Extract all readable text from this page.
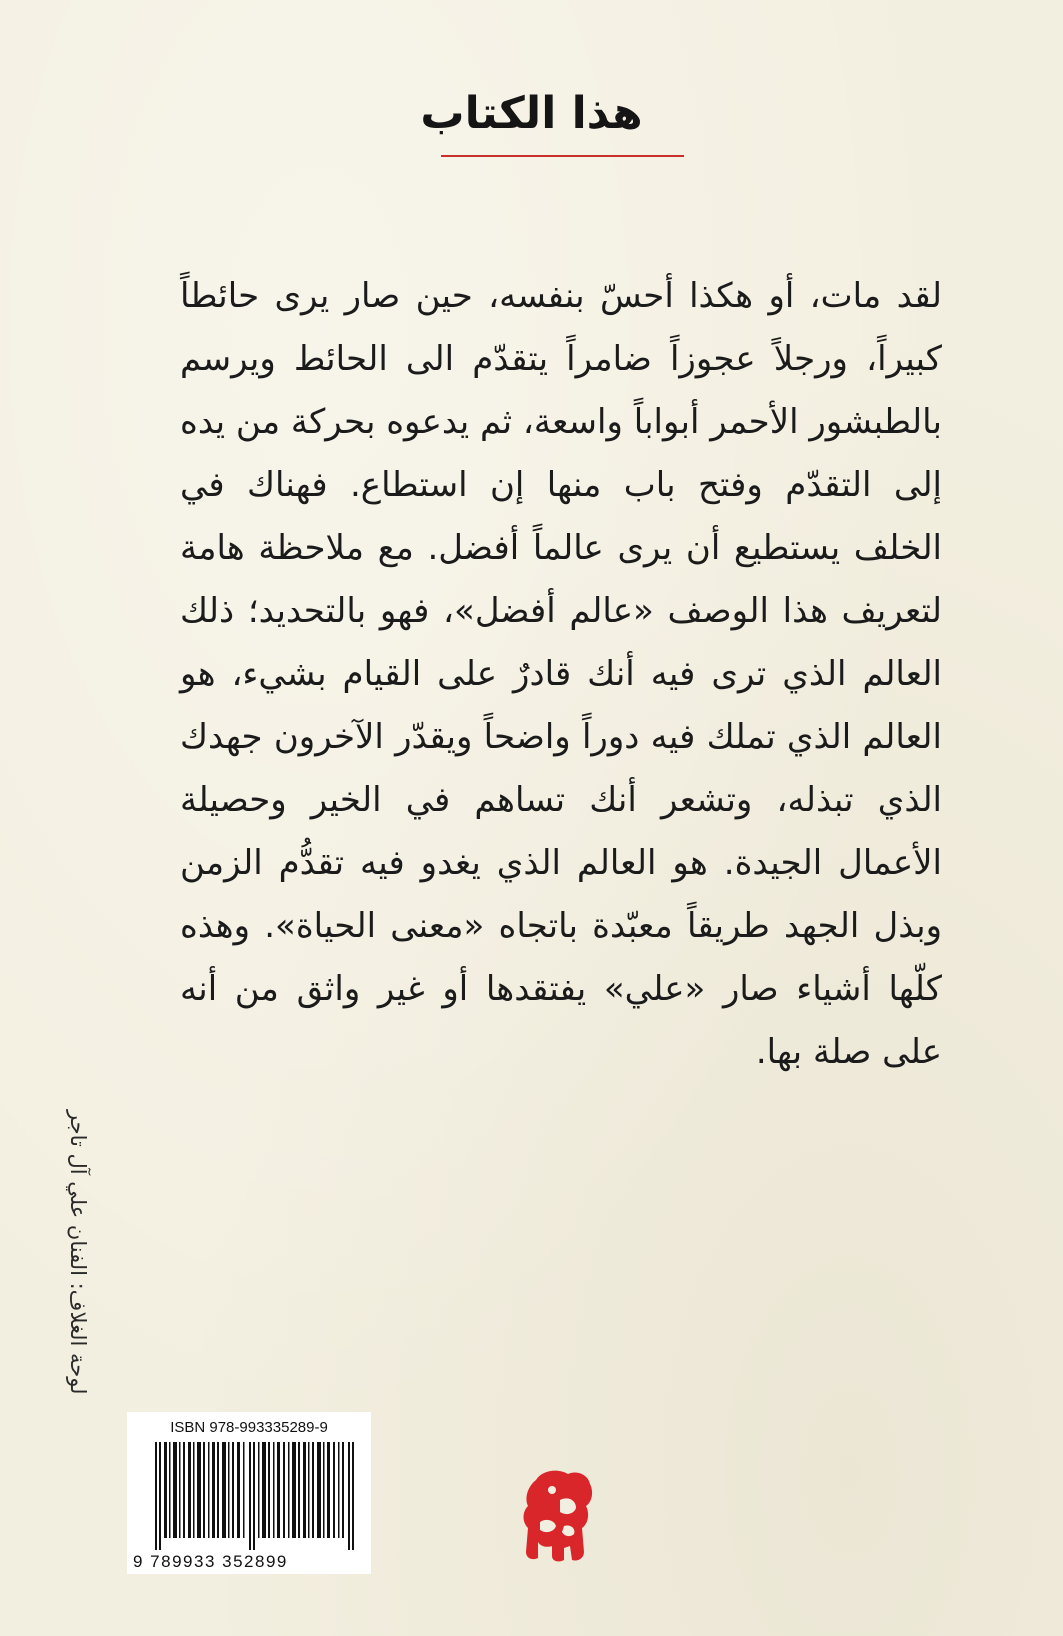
هذا الكتاب
لقد مات، أو هكذا أحسّ بنفسه، حين صار يرى حائطاً كبيراً، ورجلاً عجوزاً ضامراً يتقدّم الى الحائط ويرسم بالطبشور الأحمر أبواباً واسعة، ثم يدعوه بحركة من يده إلى التقدّم وفتح باب منها إن استطاع. فهناك في الخلف يستطيع أن يرى عالماً أفضل. مع ملاحظة هامة لتعريف هذا الوصف «عالم أفضل»، فهو بالتحديد؛ ذلك العالم الذي ترى فيه أنك قادرٌ على القيام بشيء، هو العالم الذي تملك فيه دوراً واضحاً ويقدّر الآخرون جهدك الذي تبذله، وتشعر أنك تساهم في الخير وحصيلة الأعمال الجيدة. هو العالم الذي يغدو فيه تقدُّم الزمن وبذل الجهد طريقاً معبّدة باتجاه «معنى الحياة». وهذه كلّها أشياء صار «علي» يفتقدها أو غير واثق من أنه على صلة بها.
لوحة الغلاف: الفنان علي آل تاجر
ISBN 978-993335289-9
9 789933 352899
